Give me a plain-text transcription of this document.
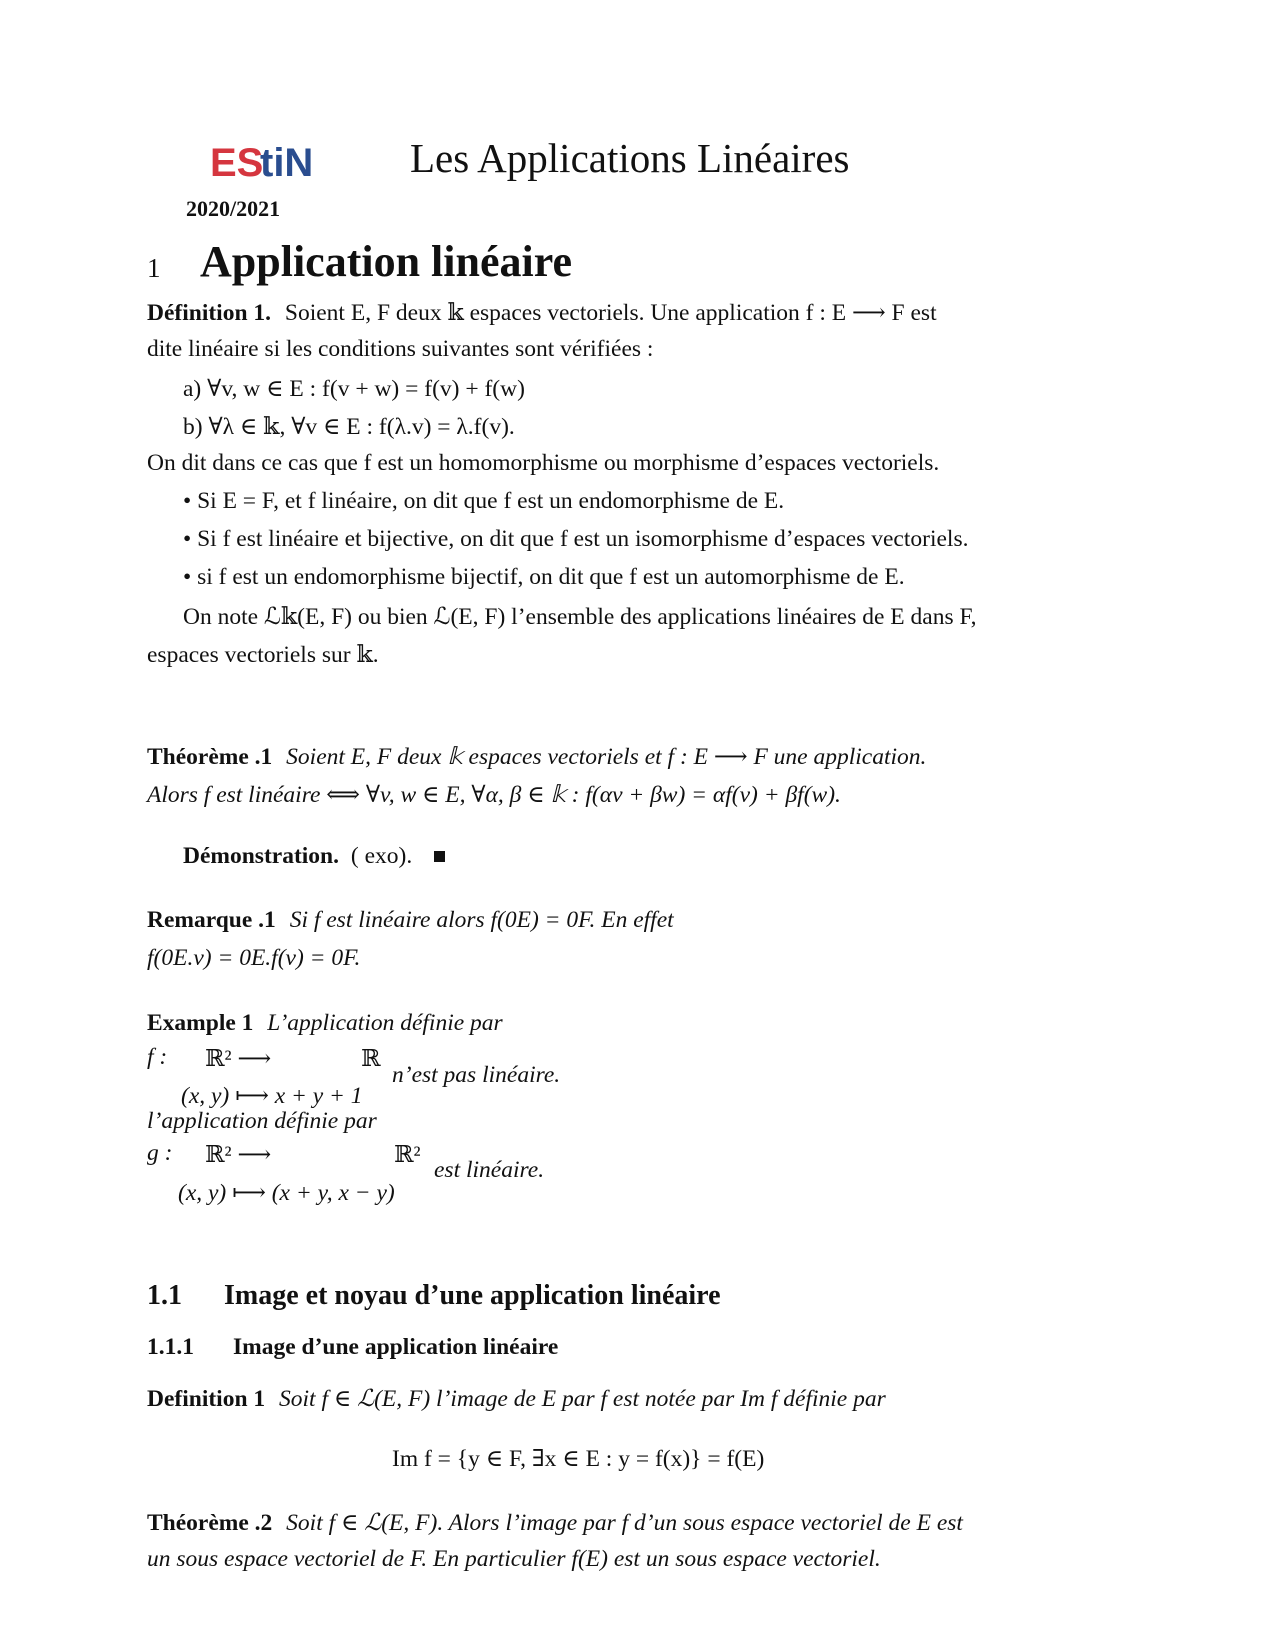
ES
tiN
2020/2021
Les Applications Linéaires
1 Application linéaire
Définition 1. Soient E, F deux 𝕜 espaces vectoriels. Une application f : E ⟶ F est
dite linéaire si les conditions suivantes sont vérifiées :
a) ∀v, w ∈ E : f(v + w) = f(v) + f(w)
b) ∀λ ∈ 𝕜, ∀v ∈ E : f(λ.v) = λ.f(v).
On dit dans ce cas que f est un homomorphisme ou morphisme d’espaces vectoriels.
• Si E = F, et f linéaire, on dit que f est un endomorphisme de E.
• Si f est linéaire et bijective, on dit que f est un isomorphisme d’espaces vectoriels.
• si f est un endomorphisme bijectif, on dit que f est un automorphisme de E.
On note ℒ𝕜(E, F) ou bien ℒ(E, F) l’ensemble des applications linéaires de E dans F,
espaces vectoriels sur 𝕜.
Théorème .1 Soient E, F deux 𝕜 espaces vectoriels et f : E ⟶ F une application.
Alors f est linéaire ⟺ ∀v, w ∈ E, ∀α, β ∈ 𝕜 : f(αv + βw) = αf(v) + βf(w).
Démonstration. ( exo).
Remarque .1 Si f est linéaire alors f(0E) = 0F. En effet
f(0E.v) = 0E.f(v) = 0F.
Example 1 L’application définie par
f : ℝ² ⟶	ℝ
(x, y) ⟼ x + y + 1
n’est pas linéaire.
l’application définie par
g : ℝ² ⟶	ℝ²
(x, y) ⟼ (x + y, x − y)
est linéaire.
1.1 Image et noyau d’une application linéaire
1.1.1 Image d’une application linéaire
Definition 1 Soit f ∈ ℒ(E, F) l’image de E par f est notée par Im f définie par
Im f = {y ∈ F, ∃x ∈ E : y = f(x)} = f(E)
Théorème .2 Soit f ∈ ℒ(E, F). Alors l’image par f d’un sous espace vectoriel de E est
un sous espace vectoriel de F. En particulier f(E) est un sous espace vectoriel.
